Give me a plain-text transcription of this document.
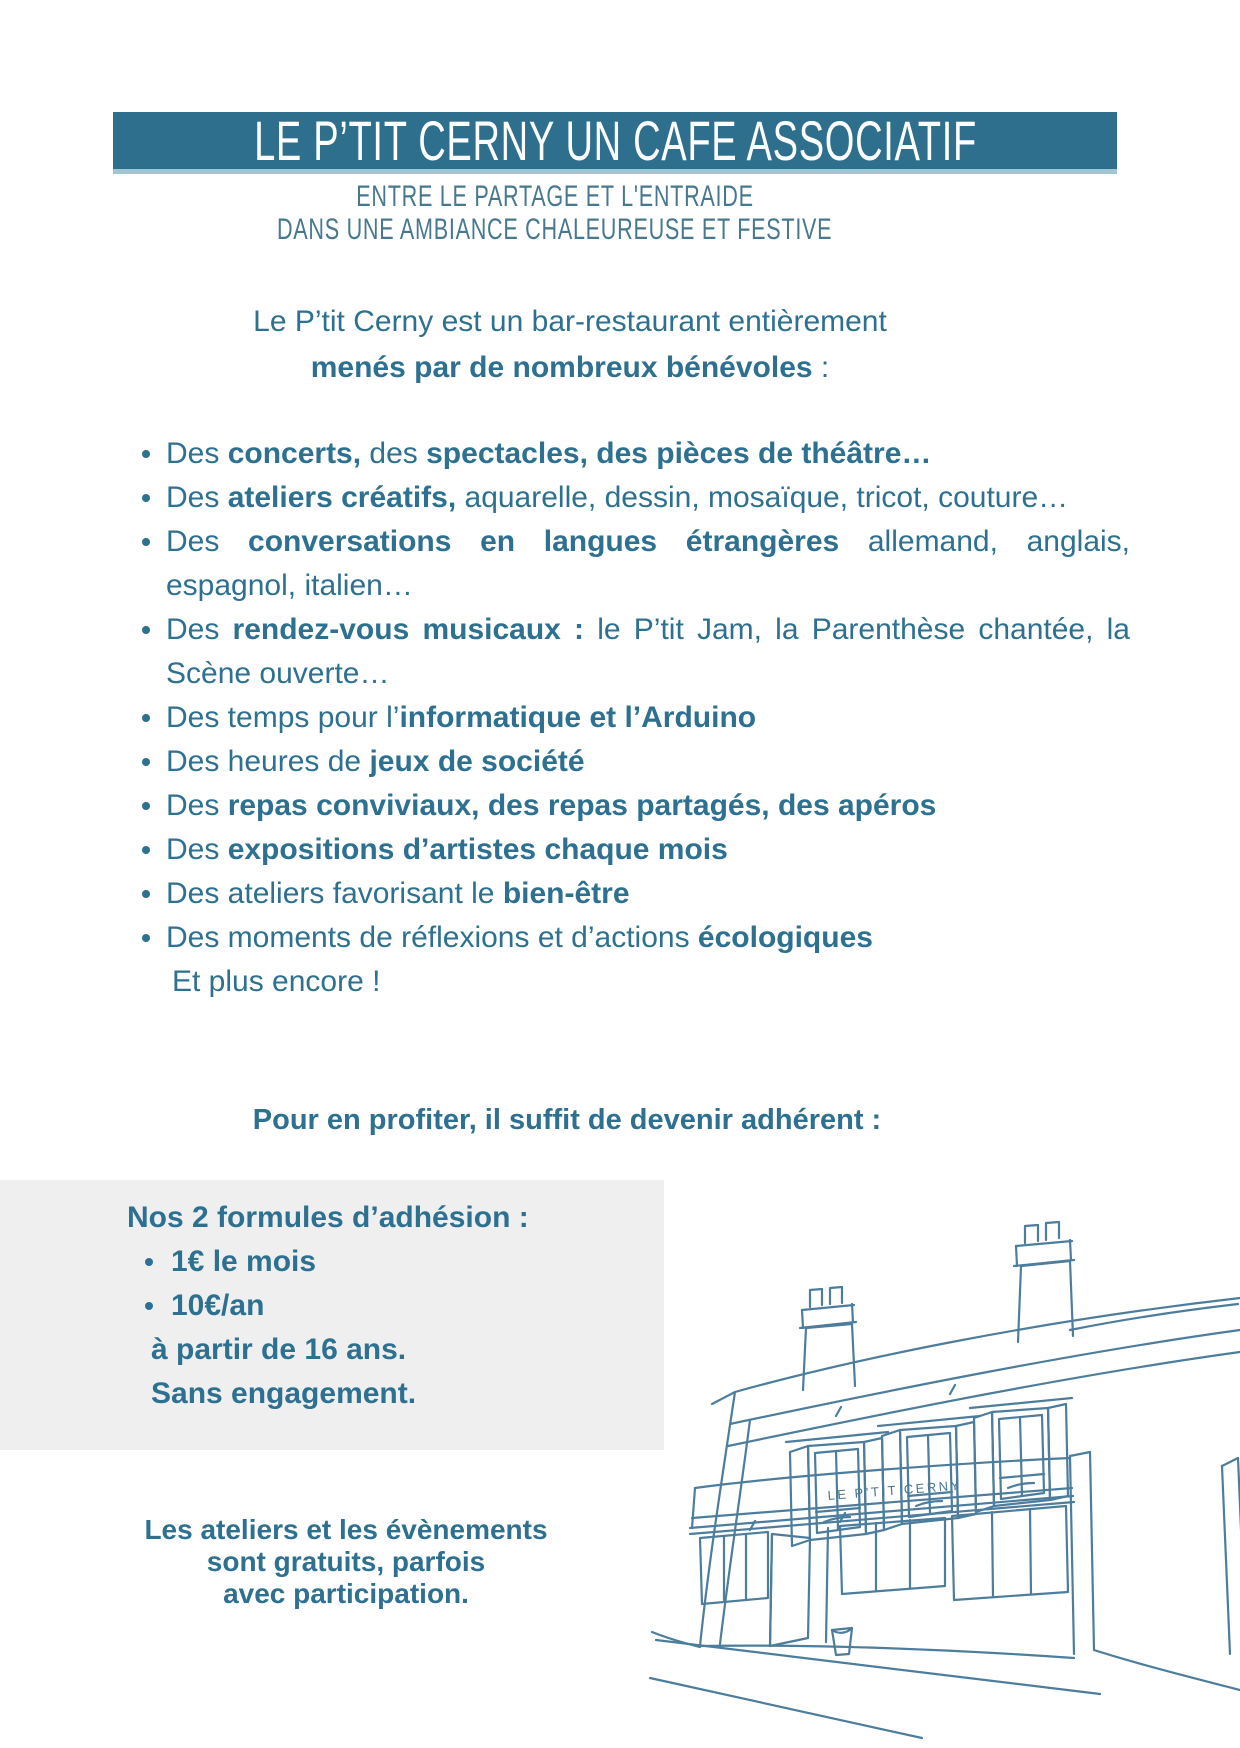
LE P’TIT CERNY UN CAFE ASSOCIATIF
ENTRE LE PARTAGE ET L'ENTRAIDE
DANS UNE AMBIANCE CHALEUREUSE ET FESTIVE
Le P’tit Cerny est un bar-restaurant entièrement
menés par de nombreux bénévoles :
Des concerts, des spectacles, des pièces de théâtre…
Des ateliers créatifs, aquarelle, dessin, mosaïque, tricot, couture…
Des conversations en langues étrangères allemand, anglais, espagnol, italien…
Des rendez-vous musicaux : le P’tit Jam, la Parenthèse chantée, la Scène ouverte…
Des temps pour l’informatique et l’Arduino
Des heures de jeux de société
Des repas conviviaux, des repas partagés, des apéros
Des expositions d’artistes chaque mois
Des ateliers favorisant le bien-être
Des moments de réflexions et d’actions écologiques
Et plus encore !
Pour en profiter, il suffit de devenir adhérent :
Nos 2 formules d’adhésion :
1€ le mois
10€/an
à partir de 16 ans.
Sans engagement.
Les ateliers et les évènements
sont gratuits, parfois
avec participation.
LE P’TIT CERNY
